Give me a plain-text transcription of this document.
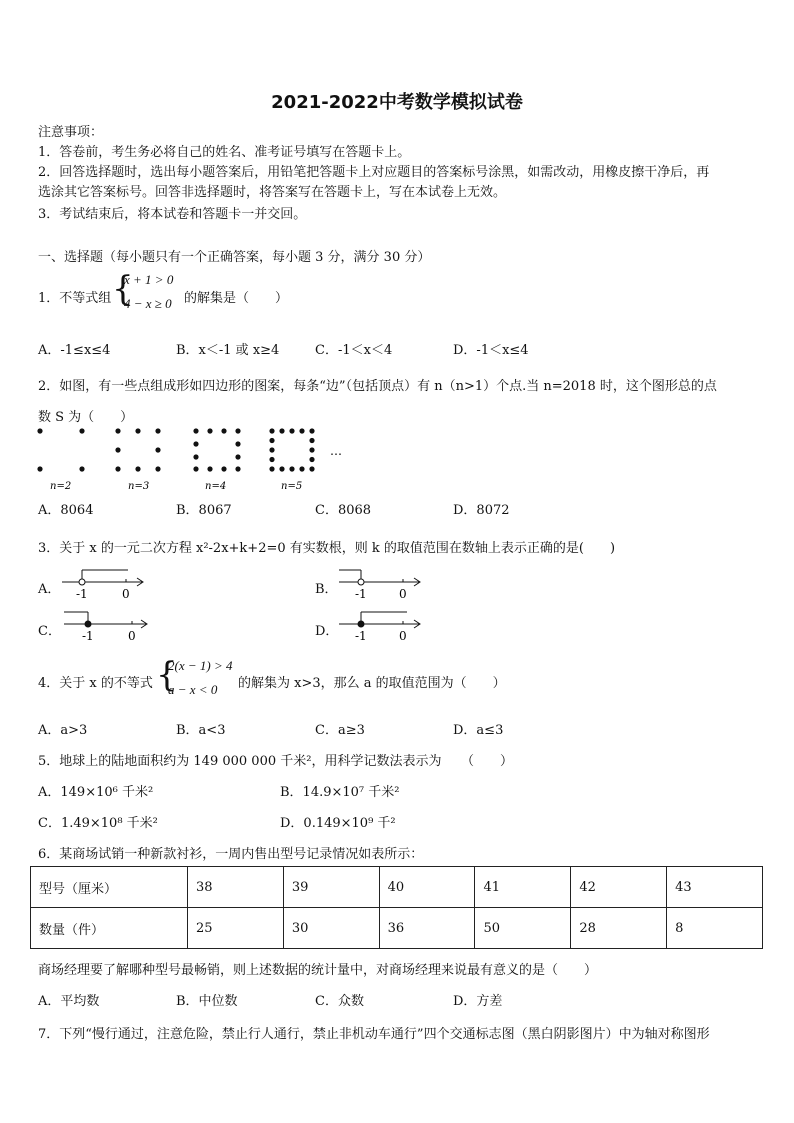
2021-2022中考数学模拟试卷
注意事项：
1．答卷前，考生务必将自己的姓名、准考证号填写在答题卡上。
2．回答选择题时，选出每小题答案后，用铅笔把答题卡上对应题目的答案标号涂黑，如需改动，用橡皮擦干净后，再
选涂其它答案标号。回答非选择题时，将答案写在答题卡上，写在本试卷上无效。
3．考试结束后，将本试卷和答题卡一并交回。
一、选择题（每小题只有一个正确答案，每小题 3 分，满分 30 分）
1．不等式组 {
x + 1 > 0
4 − x ≥ 0 的解集是（　　）
A．-1≤x≤4	B．x＜-1 或 x≥4	C．-1＜x＜4	D．-1＜x≤4
2．如图，有一些点组成形如四边形的图案，每条“边”（包括顶点）有 n（n>1）个点.当 n=2018 时，这个图形总的点
数 S 为（　　）
…
n=2	n=3	n=4	n=5
A．8064	B．8067	C．8068	D．8072
3．关于 x 的一元二次方程 x²-2x+k+2=0 有实数根，则 k 的取值范围在数轴上表示正确的是(　　)
A． -1	0	B． -1	0
C． -1	0	D． -1	0
4．关于 x 的不等式 {
2(x − 1) > 4
a − x < 0 的解集为 x>3，那么 a 的取值范围为（　　）
A．a>3	B．a<3	C．a≥3	D．a≤3
5．地球上的陆地面积约为 149 000 000 千米²，用科学记数法表示为　　（　　）
A．149×10⁶ 千米²	B．14.9×10⁷ 千米²
C．1.49×10⁸ 千米²	D．0.149×10⁹ 千²
6．某商场试销一种新款衬衫，一周内售出型号记录情况如表所示：
型号（厘米）	38	39	40	41	42	43
数量（件）	25	30	36	50	28	8
商场经理要了解哪种型号最畅销，则上述数据的统计量中，对商场经理来说最有意义的是（　　）
A．平均数	B．中位数	C．众数	D．方差
7．下列“慢行通过，注意危险，禁止行人通行，禁止非机动车通行”四个交通标志图（黑白阴影图片）中为轴对称图形
